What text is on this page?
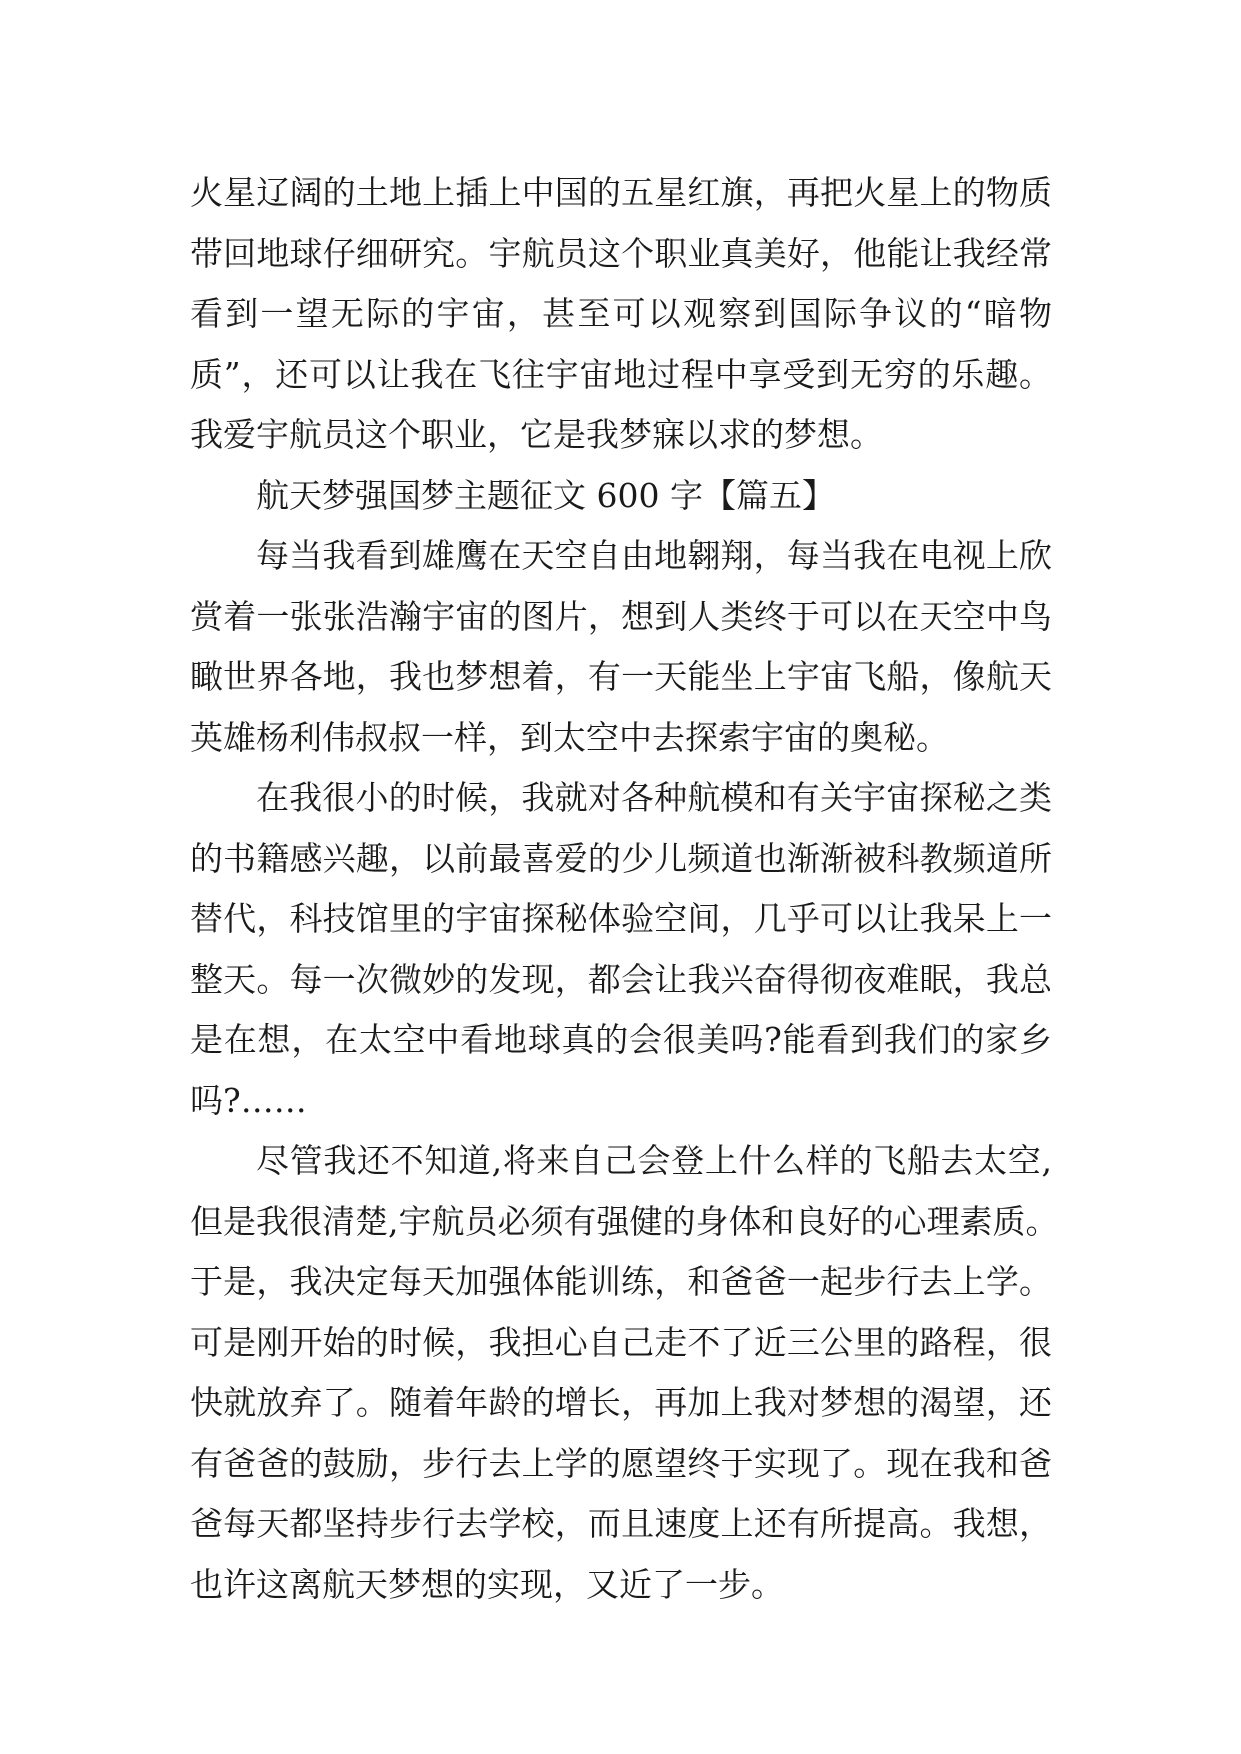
火星辽阔的土地上插上中国的五星红旗，再把火星上的物质
带回地球仔细研究。宇航员这个职业真美好，他能让我经常
看到一望无际的宇宙，甚至可以观察到国际争议的“暗物
质”，还可以让我在飞往宇宙地过程中享受到无穷的乐趣。
我爱宇航员这个职业，它是我梦寐以求的梦想。
航天梦强国梦主题征文 600 字【篇五】
每当我看到雄鹰在天空自由地翱翔，每当我在电视上欣
赏着一张张浩瀚宇宙的图片，想到人类终于可以在天空中鸟
瞰世界各地，我也梦想着，有一天能坐上宇宙飞船，像航天
英雄杨利伟叔叔一样，到太空中去探索宇宙的奥秘。
在我很小的时候，我就对各种航模和有关宇宙探秘之类
的书籍感兴趣，以前最喜爱的少儿频道也渐渐被科教频道所
替代，科技馆里的宇宙探秘体验空间，几乎可以让我呆上一
整天。每一次微妙的发现，都会让我兴奋得彻夜难眠，我总
是在想，在太空中看地球真的会很美吗?能看到我们的家乡
吗?……
尽管我还不知道,将来自己会登上什么样的飞船去太空,
但是我很清楚,宇航员必须有强健的身体和良好的心理素质。
于是，我决定每天加强体能训练，和爸爸一起步行去上学。
可是刚开始的时候，我担心自己走不了近三公里的路程，很
快就放弃了。随着年龄的增长，再加上我对梦想的渴望，还
有爸爸的鼓励，步行去上学的愿望终于实现了。现在我和爸
爸每天都坚持步行去学校，而且速度上还有所提高。我想，
也许这离航天梦想的实现，又近了一步。
